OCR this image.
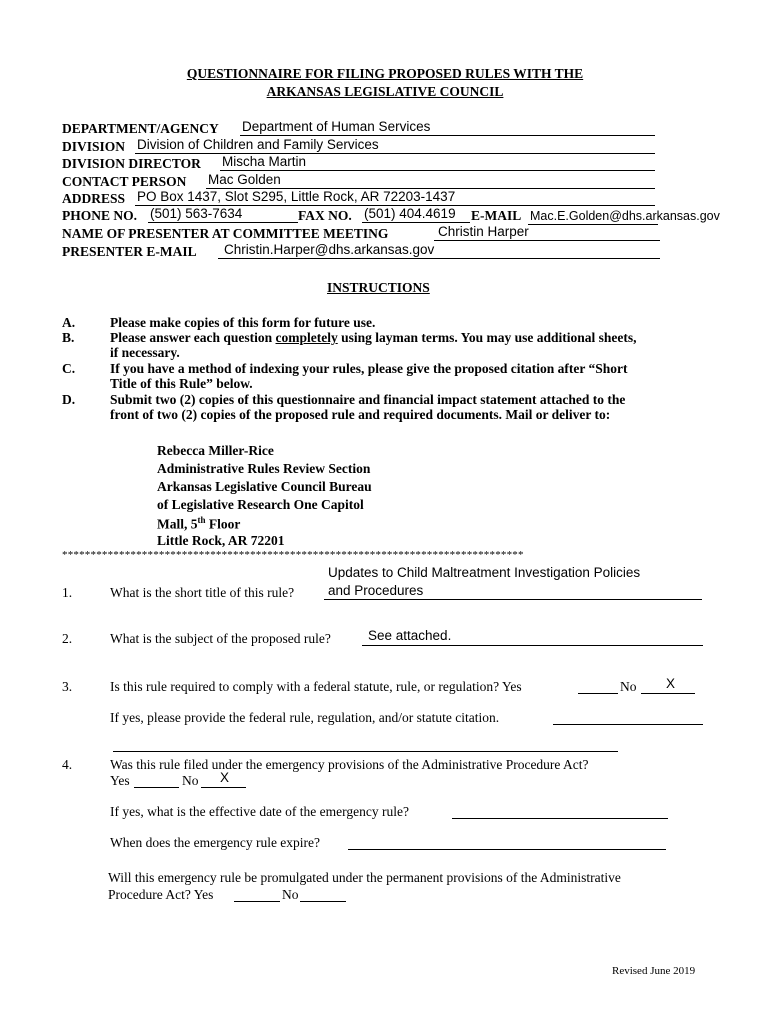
QUESTIONNAIRE FOR FILING PROPOSED RULES WITH THE
ARKANSAS LEGISLATIVE COUNCIL
DEPARTMENT/AGENCY Department of Human Services
DIVISION Division of Children and Family Services
DIVISION DIRECTOR Mischa Martin
CONTACT PERSON Mac Golden
ADDRESS PO Box 1437, Slot S295, Little Rock, AR 72203-1437
PHONE NO. (501) 563-7634	FAX NO. (501) 404.4619 E-MAIL Mac.E.Golden@dhs.arkansas.gov
NAME OF PRESENTER AT COMMITTEE MEETING	Christin Harper
PRESENTER E-MAIL Christin.Harper@dhs.arkansas.gov
INSTRUCTIONS
A.	Please make copies of this form for future use.
B.	Please answer each question completely using layman terms. You may use additional sheets,
if necessary.
C.	If you have a method of indexing your rules, please give the proposed citation after “Short
Title of this Rule” below.
D.	Submit two (2) copies of this questionnaire and financial impact statement attached to the
front of two (2) copies of the proposed rule and required documents. Mail or deliver to:
Rebecca Miller-Rice
Administrative Rules Review Section
Arkansas Legislative Council Bureau
of Legislative Research One Capitol
Mall, 5th Floor
Little Rock, AR 72201
*********************************************************************************
Updates to Child Maltreatment Investigation Policies
1.	What is the short title of this rule?	and Procedures
2.	What is the subject of the proposed rule?	See attached.
3.	Is this rule required to comply with a federal statute, rule, or regulation? Yes	No X
If yes, please provide the federal rule, regulation, and/or statute citation.
4.	Was this rule filed under the emergency provisions of the Administrative Procedure Act?
Yes	No X
If yes, what is the effective date of the emergency rule?
When does the emergency rule expire?
Will this emergency rule be promulgated under the permanent provisions of the Administrative
Procedure Act? Yes	No
Revised June 2019
